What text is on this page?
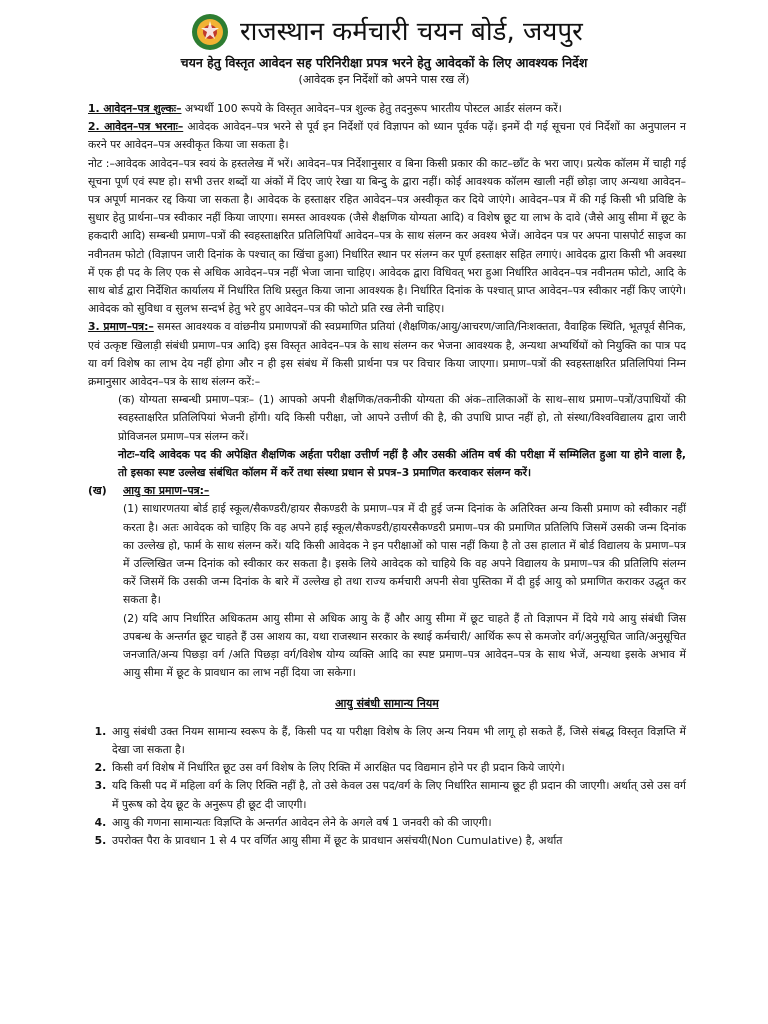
राजस्थान कर्मचारी चयन बोर्ड, जयपुर
चयन हेतु विस्तृत आवेदन सह परिनिरीक्षा प्रपत्र भरने हेतु आवेदकों के लिए आवश्यक निर्देश
(आवेदक इन निर्देशों को अपने पास रख लें)

1. आवेदन–पत्र शुल्कः– अभ्यर्थी 100 रूपये के विस्तृत आवेदन–पत्र शुल्क हेतु तदनुरूप भारतीय पोस्टल आर्डर संलग्न करें।

2. आवेदन–पत्र भरनाः– आवेदक आवेदन–पत्र भरने से पूर्व इन निर्देशों एवं विज्ञापन को ध्यान पूर्वक पढ़ें। इनमें दी गई सूचना एवं निर्देशों का अनुपालन न करने पर आवेदन–पत्र अस्वीकृत किया जा सकता है।

नोट :–आवेदक आवेदन–पत्र स्वयं के हस्तलेख में भरें। आवेदन–पत्र निर्देशानुसार व बिना किसी प्रकार की काट–छाँट के भरा जाए। प्रत्येक कॉलम में चाही गई सूचना पूर्ण एवं स्पष्ट हो। सभी उत्तर शब्दों या अंकों में दिए जाएं रेखा या बिन्दु के द्वारा नहीं। कोई आवश्यक कॉलम खाली नहीं छोड़ा जाए अन्यथा आवेदन–पत्र अपूर्ण मानकर रद्द किया जा सकता है। आवेदक के हस्ताक्षर रहित आवेदन–पत्र अस्वीकृत कर दिये जाएंगे। आवेदन–पत्र में की गई किसी भी प्रविष्टि के सुधार हेतु प्रार्थना–पत्र स्वीकार नहीं किया जाएगा। समस्त आवश्यक (जैसे शैक्षणिक योग्यता आदि) व विशेष छूट या लाभ के दावे (जैसे आयु सीमा में छूट के हकदारी आदि) सम्बन्धी प्रमाण–पत्रों की स्वहस्ताक्षरित प्रतिलिपियाँ आवेदन–पत्र के साथ संलग्न कर अवश्य भेजें। आवेदन पत्र पर अपना पासपोर्ट साइज का नवीनतम फोटो (विज्ञापन जारी दिनांक के पश्चात् का खिंचा हुआ) निर्धारित स्थान पर संलग्न कर पूर्ण हस्ताक्षर सहित लगाएं। आवेदक द्वारा किसी भी अवस्था में एक ही पद के लिए एक से अधिक आवेदन–पत्र नहीं भेजा जाना चाहिए। आवेदक द्वारा विधिवत् भरा हुआ निर्धारित आवेदन–पत्र नवीनतम फोटो, आदि के साथ बोर्ड द्वारा निर्देशित कार्यालय में निर्धारित तिथि प्रस्तुत किया जाना आवश्यक है। निर्धारित दिनांक के पश्चात् प्राप्त आवेदन–पत्र स्वीकार नहीं किए जाएंगे। आवेदक को सुविधा व सुलभ सन्दर्भ हेतु भरे हुए आवेदन–पत्र की फोटो प्रति रख लेनी चाहिए।

3. प्रमाण–पत्र:– समस्त आवश्यक व वांछनीय प्रमाणपत्रों की स्वप्रमाणित प्रतियां (शैक्षणिक/आयु/आचरण/जाति/निःशक्तता, वैवाहिक स्थिति, भूतपूर्व सैनिक, एवं उत्कृष्ट खिलाड़ी संबंधी प्रमाण–पत्र आदि) इस विस्तृत आवेदन–पत्र के साथ संलग्न कर भेजना आवश्यक है, अन्यथा अभ्यर्थियों को नियुक्ति का पात्र पद या वर्ग विशेष का लाभ देय नहीं होगा और न ही इस संबंध में किसी प्रार्थना पत्र पर विचार किया जाएगा। प्रमाण–पत्रों की स्वहस्ताक्षरित प्रतिलिपियां निम्न क्रमानुसार आवेदन–पत्र के साथ संलग्न करें:–

(क) योग्यता सम्बन्धी प्रमाण–पत्रः– (1) आपको अपनी शैक्षणिक/तकनीकी योग्यता की अंक–तालिकाओं के साथ–साथ प्रमाण–पत्रों/उपाधियों की स्वहस्ताक्षरित प्रतिलिपियां भेजनी होंगी। यदि किसी परीक्षा, जो आपने उत्तीर्ण की है, की उपाधि प्राप्त नहीं हो, तो संस्था/विश्वविद्यालय द्वारा जारी प्रोविजनल प्रमाण–पत्र संलग्न करें।

नोटः–यदि आवेदक पद की अपेक्षित शैक्षणिक अर्हता परीक्षा उत्तीर्ण नहीं है और उसकी अंतिम वर्ष की परीक्षा में सम्मिलित हुआ या होने वाला है, तो इसका स्पष्ट उल्लेख संबंधित कॉलम में करें तथा संस्था प्रधान से प्रपत्र–3 प्रमाणित करवाकर संलग्न करें।

(ख)	आयु का प्रमाण–पत्र:–

(1) साधारणतया बोर्ड हाई स्कूल/सैकण्डरी/हायर सैकण्डरी के प्रमाण–पत्र में दी हुई जन्म दिनांक के अतिरिक्त अन्य किसी प्रमाण को स्वीकार नहीं करता है। अतः आवेदक को चाहिए कि वह अपने हाई स्कूल/सैकण्डरी/हायरसैकण्डरी प्रमाण–पत्र की प्रमाणित प्रतिलिपि जिसमें उसकी जन्म दिनांक का उल्लेख हो, फार्म के साथ संलग्न करें। यदि किसी आवेदक ने इन परीक्षाओं को पास नहीं किया है तो उस हालात में बोर्ड विद्यालय के प्रमाण–पत्र में उल्लिखित जन्म दिनांक को स्वीकार कर सकता है। इसके लिये आवेदक को चाहिये कि वह अपने विद्यालय के प्रमाण–पत्र की प्रतिलिपि संलग्न करें जिसमें कि उसकी जन्म दिनांक के बारे में उल्लेख हो तथा राज्य कर्मचारी अपनी सेवा पुस्तिका में दी हुई आयु को प्रमाणित कराकर उद्धृत कर सकता है।

(2) यदि आप निर्धारित अधिकतम आयु सीमा से अधिक आयु के हैं और आयु सीमा में छूट चाहते हैं तो विज्ञापन में दिये गये आयु संबंधी जिस उपबन्ध के अन्तर्गत छूट चाहते हैं उस आशय का, यथा राजस्थान सरकार के स्थाई कर्मचारी/ आर्थिक रूप से कमजोर वर्ग/अनुसूचित जाति/अनुसूचित जनजाति/अन्य पिछड़ा वर्ग /अति पिछड़ा वर्ग/विशेष योग्य व्यक्ति आदि का स्पष्ट प्रमाण–पत्र आवेदन–पत्र के साथ भेजें, अन्यथा इसके अभाव में आयु सीमा में छूट के प्रावधान का लाभ नहीं दिया जा सकेगा।

आयु संबंधी सामान्य नियम

1. आयु संबंधी उक्त नियम सामान्य स्वरूप के हैं, किसी पद या परीक्षा विशेष के लिए अन्य नियम भी लागू हो सकते हैं, जिसे संबद्ध विस्तृत विज्ञप्ति में देखा जा सकता है।
2. किसी वर्ग विशेष में निर्धारित छूट उस वर्ग विशेष के लिए रिक्ति में आरक्षित पद विद्यमान होने पर ही प्रदान किये जाएंगे।
3. यदि किसी पद में महिला वर्ग के लिए रिक्ति नहीं है, तो उसे केवल उस पद/वर्ग के लिए निर्धारित सामान्य छूट ही प्रदान की जाएगी। अर्थात् उसे उस वर्ग में पुरूष को देय छूट के अनुरूप ही छूट दी जाएगी।
4. आयु की गणना सामान्यतः विज्ञप्ति के अन्तर्गत आवेदन लेने के अगले वर्ष 1 जनवरी को की जाएगी।
5. उपरोक्त पैरा के प्रावधान 1 से 4 पर वर्णित आयु सीमा में छूट के प्रावधान असंचयी(Non Cumulative) है, अर्थात
